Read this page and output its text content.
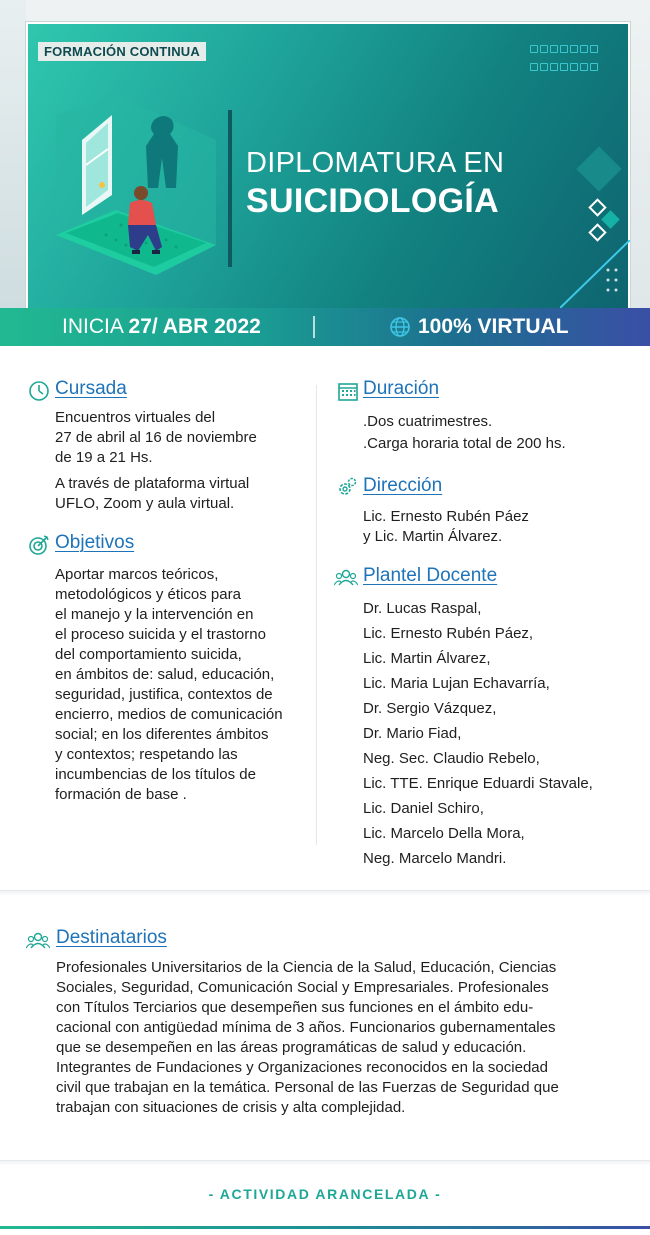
FORMACIÓN CONTINUA

DIPLOMATURA EN
SUICIDOLOGÍA
INICIA 27/ ABR 2022	100% VIRTUAL
Cursada
Encuentros virtuales del
27 de abril al 16 de noviembre
de 19 a 21 Hs.
A través de plataforma virtual
UFLO, Zoom y aula virtual.
Objetivos
Aportar marcos teóricos,
metodológicos y éticos para
el manejo y la intervención en
el proceso suicida y el trastorno
del comportamiento suicida,
en ámbitos de: salud, educación,
seguridad, justifica, contextos de
encierro, medios de comunicación
social; en los diferentes ámbitos
y contextos; respetando las
incumbencias de los títulos de
formación de base .
Duración
.Dos cuatrimestres.
.Carga horaria total de 200 hs.
Dirección
Lic. Ernesto Rubén Páez
y Lic. Martin Álvarez.
Plantel Docente
Dr. Lucas Raspal,
Lic. Ernesto Rubén Páez,
Lic. Martin Álvarez,
Lic. Maria Lujan Echavarría,
Dr. Sergio Vázquez,
Dr. Mario Fiad,
Neg. Sec. Claudio Rebelo,
Lic. TTE. Enrique Eduardi Stavale,
Lic. Daniel Schiro,
Lic. Marcelo Della Mora,
Neg. Marcelo Mandri.
Destinatarios
Profesionales Universitarios de la Ciencia de la Salud, Educación, Ciencias
Sociales, Seguridad, Comunicación Social y Empresariales. Profesionales
con Títulos Terciarios que desempeñen sus funciones en el ámbito edu-
cacional con antigüedad mínima de 3 años. Funcionarios gubernamentales
que se desempeñen en las áreas programáticas de salud y educación.
Integrantes de Fundaciones y Organizaciones reconocidos en la sociedad
civil que trabajan en la temática. Personal de las Fuerzas de Seguridad que
trabajan con situaciones de crisis y alta complejidad.
- ACTIVIDAD ARANCELADA -
